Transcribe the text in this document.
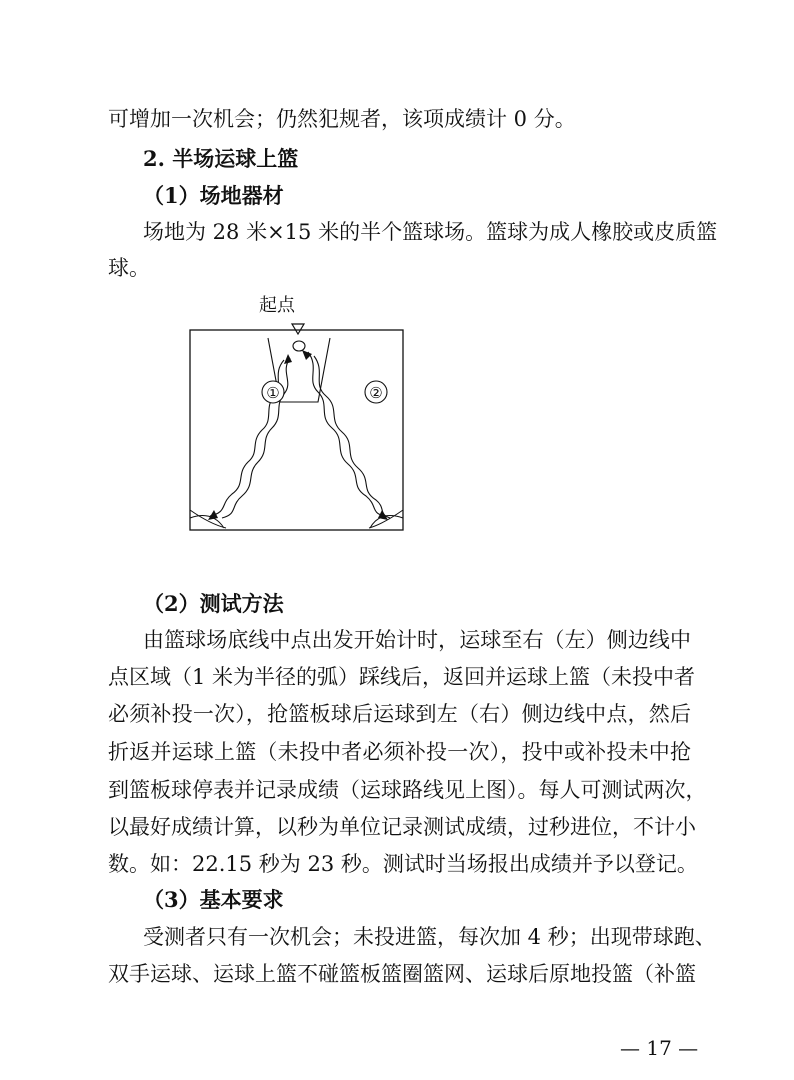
可增加一次机会；仍然犯规者，该项成绩计 0 分。
2. 半场运球上篮
（1）场地器材
场地为 28 米×15 米的半个篮球场。篮球为成人橡胶或皮质篮
球。
起点
①	②
（2）测试方法
由篮球场底线中点出发开始计时，运球至右（左）侧边线中
点区域（1 米为半径的弧）踩线后，返回并运球上篮（未投中者
必须补投一次），抢篮板球后运球到左（右）侧边线中点，然后
折返并运球上篮（未投中者必须补投一次），投中或补投未中抢
到篮板球停表并记录成绩（运球路线见上图）。每人可测试两次，
以最好成绩计算，以秒为单位记录测试成绩，过秒进位，不计小
数。如：22.15 秒为 23 秒。测试时当场报出成绩并予以登记。
（3）基本要求
受测者只有一次机会；未投进篮，每次加 4 秒；出现带球跑、
双手运球、运球上篮不碰篮板篮圈篮网、运球后原地投篮（补篮
— 17 —
